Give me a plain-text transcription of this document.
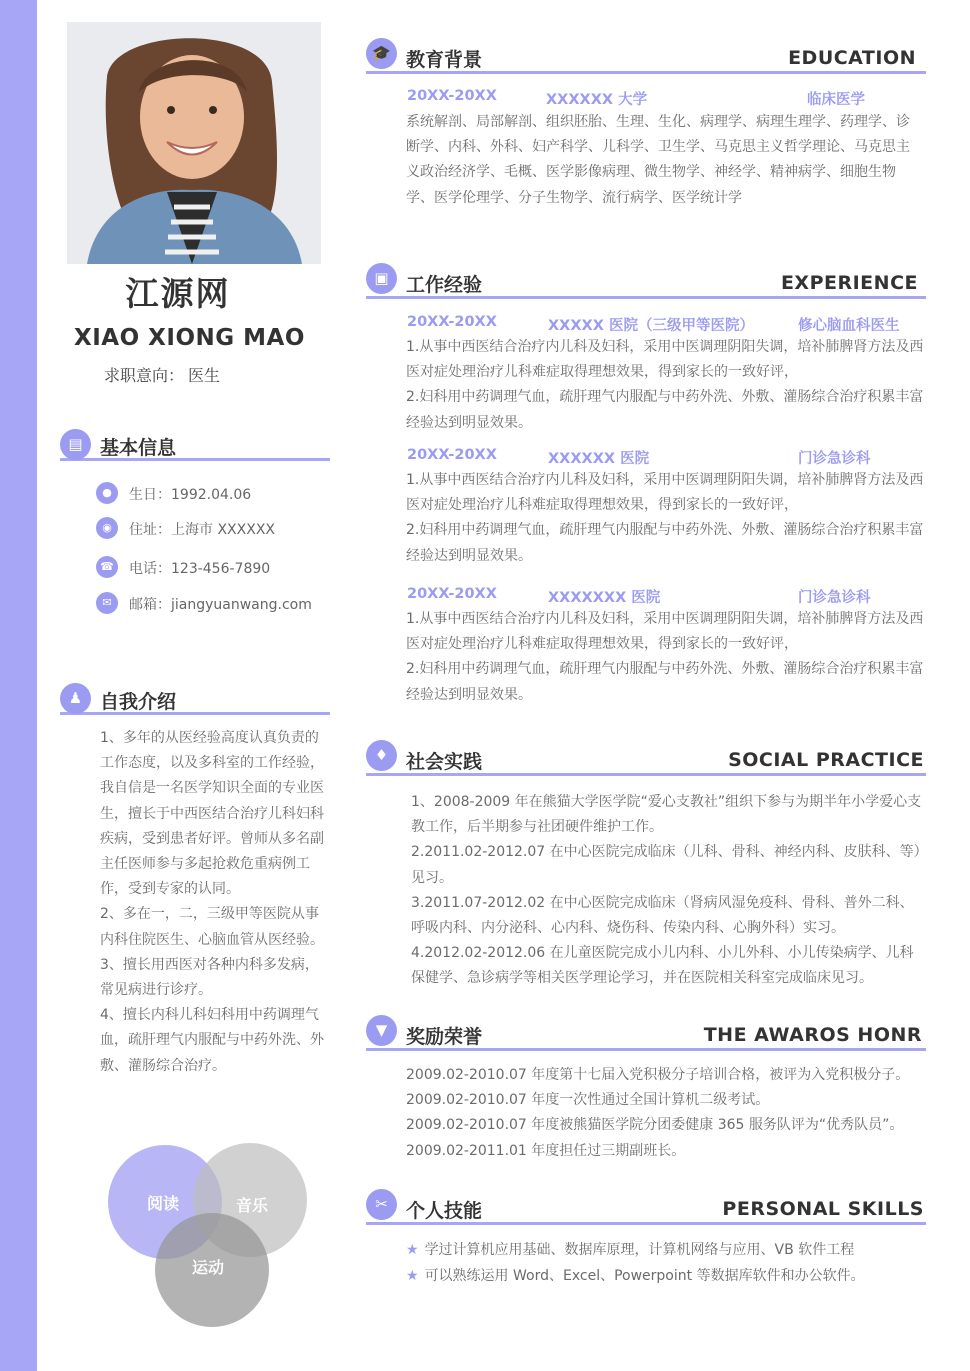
江源网
XIAO XIONG MAO
求职意向： 医生
▤ 基本信息
●	生日：1992.04.06
◉	住址：上海市 XXXXXX
☎ 电话：123-456-7890
✉	邮箱：jiangyuanwang.com
♟ 自我介绍
1、多年的从医经验高度认真负责的工作态度，以及多科室的工作经验，我自信是一名医学知识全面的专业医生，擅长于中西医结合治疗儿科妇科疾病，受到患者好评。曾师从多名副主任医师参与多起抢救危重病例工作，受到专家的认同。
2、多在一，二，三级甲等医院从事内科住院医生、心脑血管从医经验。
3、擅长用西医对各种内科多发病，常见病进行诊疗。
4、擅长内科儿科妇科用中药调理气血，疏肝理气内服配与中药外洗、外敷、灌肠综合治疗。
阅读	音乐
运动
🎓 教育背景	EDUCATION
20XX-20XX	XXXXXX 大学	临床医学
系统解剖、局部解剖、组织胚胎、生理、生化、病理学、病理生理学、药理学、诊断学、内科、外科、妇产科学、儿科学、卫生学、马克思主义哲学理论、马克思主义政治经济学、毛概、医学影像病理、微生物学、神经学、精神病学、细胞生物学、医学伦理学、分子生物学、流行病学、医学统计学
▣ 工作经验	EXPERIENCE
20XX-20XX	XXXXX 医院（三级甲等医院）	修心脑血科医生
1.从事中西医结合治疗内儿科及妇科，采用中医调理阴阳失调，培补肺脾肾方法及西医对症处理治疗儿科难症取得理想效果，得到家长的一致好评，
2.妇科用中药调理气血，疏肝理气内服配与中药外洗、外敷、灌肠综合治疗积累丰富经验达到明显效果。
20XX-20XX	XXXXXX 医院	门诊急诊科
1.从事中西医结合治疗内儿科及妇科，采用中医调理阴阳失调，培补肺脾肾方法及西医对症处理治疗儿科难症取得理想效果，得到家长的一致好评，
2.妇科用中药调理气血，疏肝理气内服配与中药外洗、外敷、灌肠综合治疗积累丰富经验达到明显效果。
20XX-20XX	XXXXXXX 医院	门诊急诊科
1.从事中西医结合治疗内儿科及妇科，采用中医调理阴阳失调，培补肺脾肾方法及西医对症处理治疗儿科难症取得理想效果，得到家长的一致好评，
2.妇科用中药调理气血，疏肝理气内服配与中药外洗、外敷、灌肠综合治疗积累丰富经验达到明显效果。
♦ 社会实践	SOCIAL PRACTICE
1、2008-2009 年在熊猫大学医学院“爱心支教社”组织下参与为期半年小学爱心支教工作，后半期参与社团硬件维护工作。
2.2011.02-2012.07 在中心医院完成临床（儿科、骨科、神经内科、皮肤科、等）见习。
3.2011.07-2012.02 在中心医院完成临床（肾病风湿免疫科、骨科、普外二科、呼吸内科、内分泌科、心内科、烧伤科、传染内科、心胸外科）实习。
4.2012.02-2012.06 在儿童医院完成小儿内科、小儿外科、小儿传染病学、儿科保健学、急诊病学等相关医学理论学习，并在医院相关科室完成临床见习。
▼ 奖励荣誉	THE AWAROS HONR
2009.02-2010.07 年度第十七届入党积极分子培训合格，被评为入党积极分子。
2009.02-2010.07 年度一次性通过全国计算机二级考试。
2009.02-2010.07 年度被熊猫医学院分团委健康 365 服务队评为“优秀队员”。
2009.02-2011.01 年度担任过三期副班长。
✂ 个人技能	PERSONAL SKILLS
★ 学过计算机应用基础、数据库原理，计算机网络与应用、VB 软件工程
★ 可以熟练运用 Word、Excel、Powerpoint 等数据库软件和办公软件。
